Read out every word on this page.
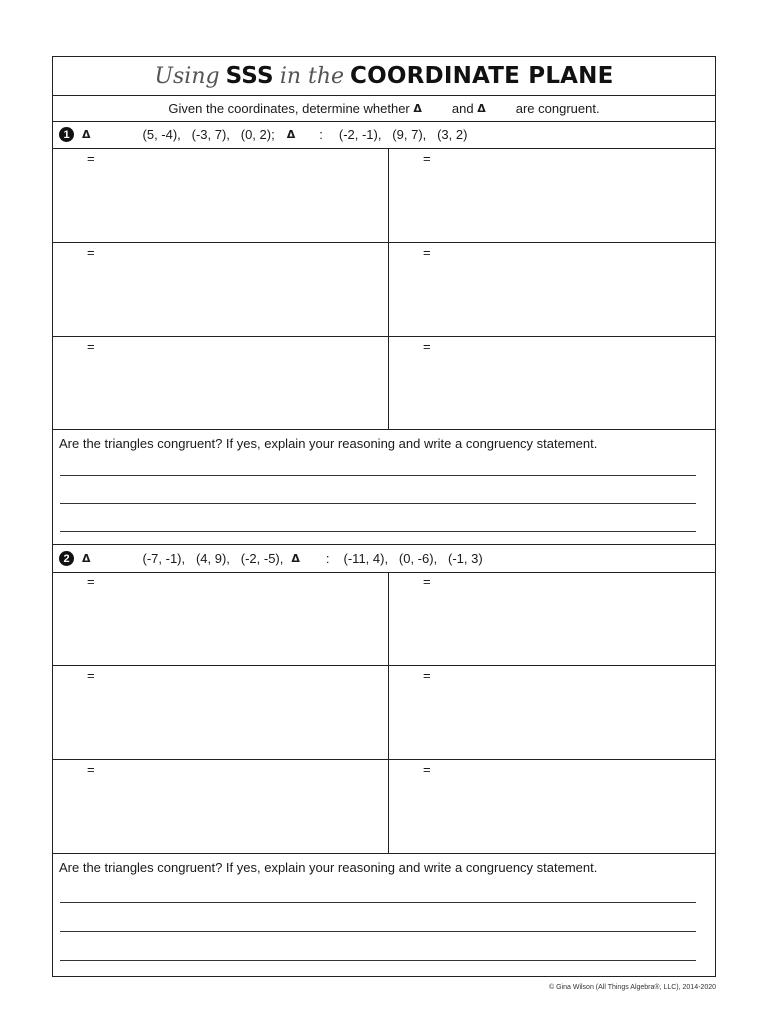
Using SSS in the COORDINATE PLANE
Given the coordinates, determine whether
Δ and
Δ are congruent.
1	Δ	(5, -4),   (-3, 7),   (0, 2); Δ : (-2, -1),   (9, 7),   (3, 2)
=	=
=	=
=	=
Are the triangles congruent? If yes, explain your reasoning and write a congruency statement.
2	Δ	(-7, -1),   (4, 9),   (-2, -5), Δ : (-11, 4),   (0, -6),   (-1, 3)
=	=
=	=
=	=
Are the triangles congruent? If yes, explain your reasoning and write a congruency statement.
© Gina Wilson (All Things Algebra®, LLC), 2014-2020
